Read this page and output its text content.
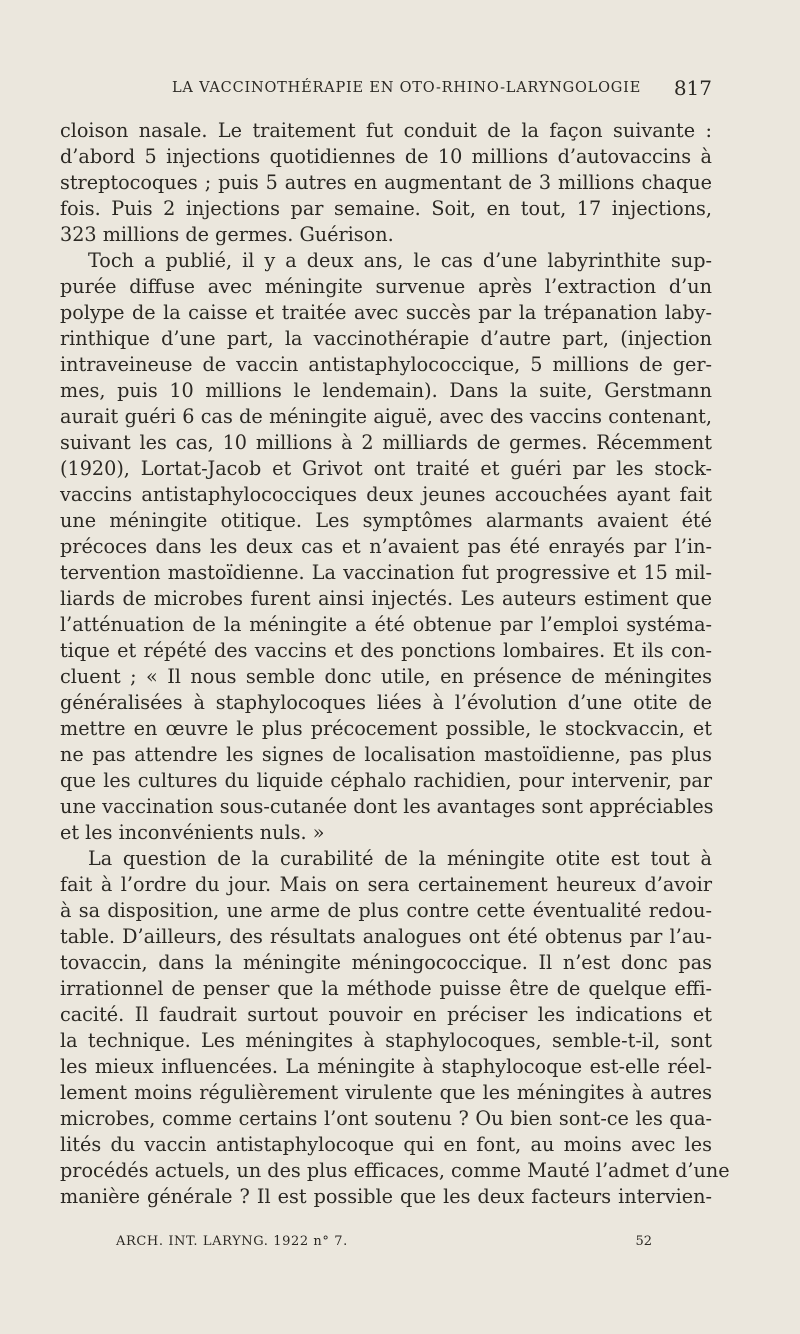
LA VACCINOTHÉRAPIE EN OTO-RHINO-LARYNGOLOGIE 817
cloison nasale. Le traitement fut conduit de la façon suivante :
d’abord 5 injections quotidiennes de 10 millions d’autovaccins à
streptocoques ; puis 5 autres en augmentant de 3 millions chaque
fois. Puis 2 injections par semaine. Soit, en tout, 17 injections,
323 millions de germes. Guérison.
Toch a publié, il y a deux ans, le cas d’une labyrinthite sup-
purée diffuse avec méningite survenue après l’extraction d’un
polype de la caisse et traitée avec succès par la trépanation laby-
rinthique d’une part, la vaccinothérapie d’autre part, (injection
intraveineuse de vaccin antistaphylococcique, 5 millions de ger-
mes, puis 10 millions le lendemain). Dans la suite, Gerstmann
aurait guéri 6 cas de méningite aiguë, avec des vaccins contenant,
suivant les cas, 10 millions à 2 milliards de germes. Récemment
(1920), Lortat-Jacob et Grivot ont traité et guéri par les stock-
vaccins antistaphylococciques deux jeunes accouchées ayant fait
une méningite otitique. Les symptômes alarmants avaient été
précoces dans les deux cas et n’avaient pas été enrayés par l’in-
tervention mastoïdienne. La vaccination fut progressive et 15 mil-
liards de microbes furent ainsi injectés. Les auteurs estiment que
l’atténuation de la méningite a été obtenue par l’emploi systéma-
tique et répété des vaccins et des ponctions lombaires. Et ils con-
cluent ; « Il nous semble donc utile, en présence de méningites
généralisées à staphylocoques liées à l’évolution d’une otite de
mettre en œuvre le plus précocement possible, le stockvaccin, et
ne pas attendre les signes de localisation mastoïdienne, pas plus
que les cultures du liquide céphalo rachidien, pour intervenir, par
une vaccination sous-cutanée dont les avantages sont appréciables
et les inconvénients nuls. »
La question de la curabilité de la méningite otite est tout à
fait à l’ordre du jour. Mais on sera certainement heureux d’avoir
à sa disposition, une arme de plus contre cette éventualité redou-
table. D’ailleurs, des résultats analogues ont été obtenus par l’au-
tovaccin, dans la méningite méningococcique. Il n’est donc pas
irrationnel de penser que la méthode puisse être de quelque effi-
cacité. Il faudrait surtout pouvoir en préciser les indications et
la technique. Les méningites à staphylocoques, semble-t-il, sont
les mieux influencées. La méningite à staphylocoque est-elle réel-
lement moins régulièrement virulente que les méningites à autres
microbes, comme certains l’ont soutenu ? Ou bien sont-ce les qua-
lités du vaccin antistaphylocoque qui en font, au moins avec les
procédés actuels, un des plus efficaces, comme Mauté l’admet d’une
manière générale ? Il est possible que les deux facteurs intervien-
ARCH. INT. LARYNG. 1922 n° 7.	52
